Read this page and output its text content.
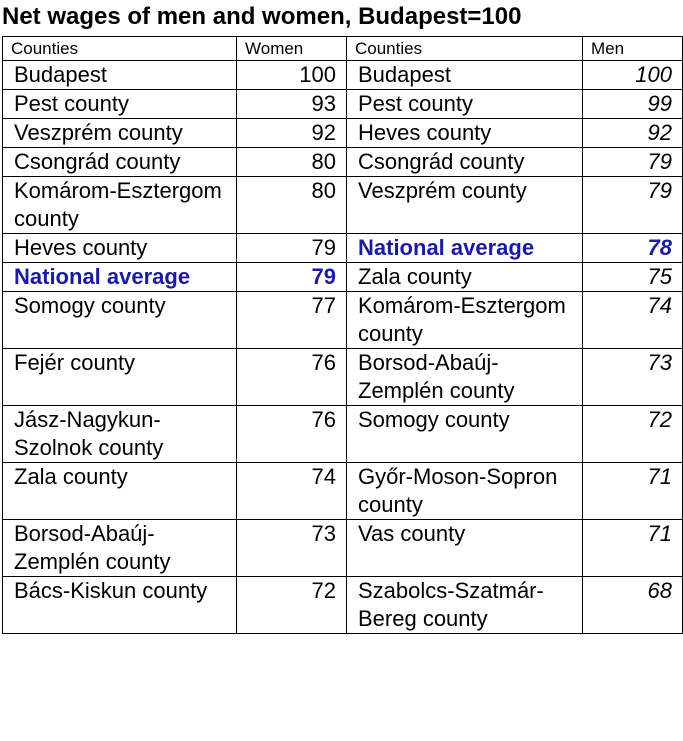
Net wages of men and women, Budapest=100
Counties	Women	Counties	Men
Budapest	100	Budapest	100
Pest county	93	Pest county	99
Veszprém county	92	Heves county	92
Csongrád county	80	Csongrád county	79
Komárom-Esztergom county	80	Veszprém county	79
Heves county	79	National average	78
National average	79	Zala county	75
Somogy county	77	Komárom-Esztergom county	74
Fejér county	76	Borsod-Abaúj-Zemplén county	73
Jász-Nagykun-Szolnok county	76	Somogy county	72
Zala county	74	Győr-Moson-Sopron county	71
Borsod-Abaúj-Zemplén county	73	Vas county	71
Bács-Kiskun county	72	Szabolcs-Szatmár-Bereg county	68
